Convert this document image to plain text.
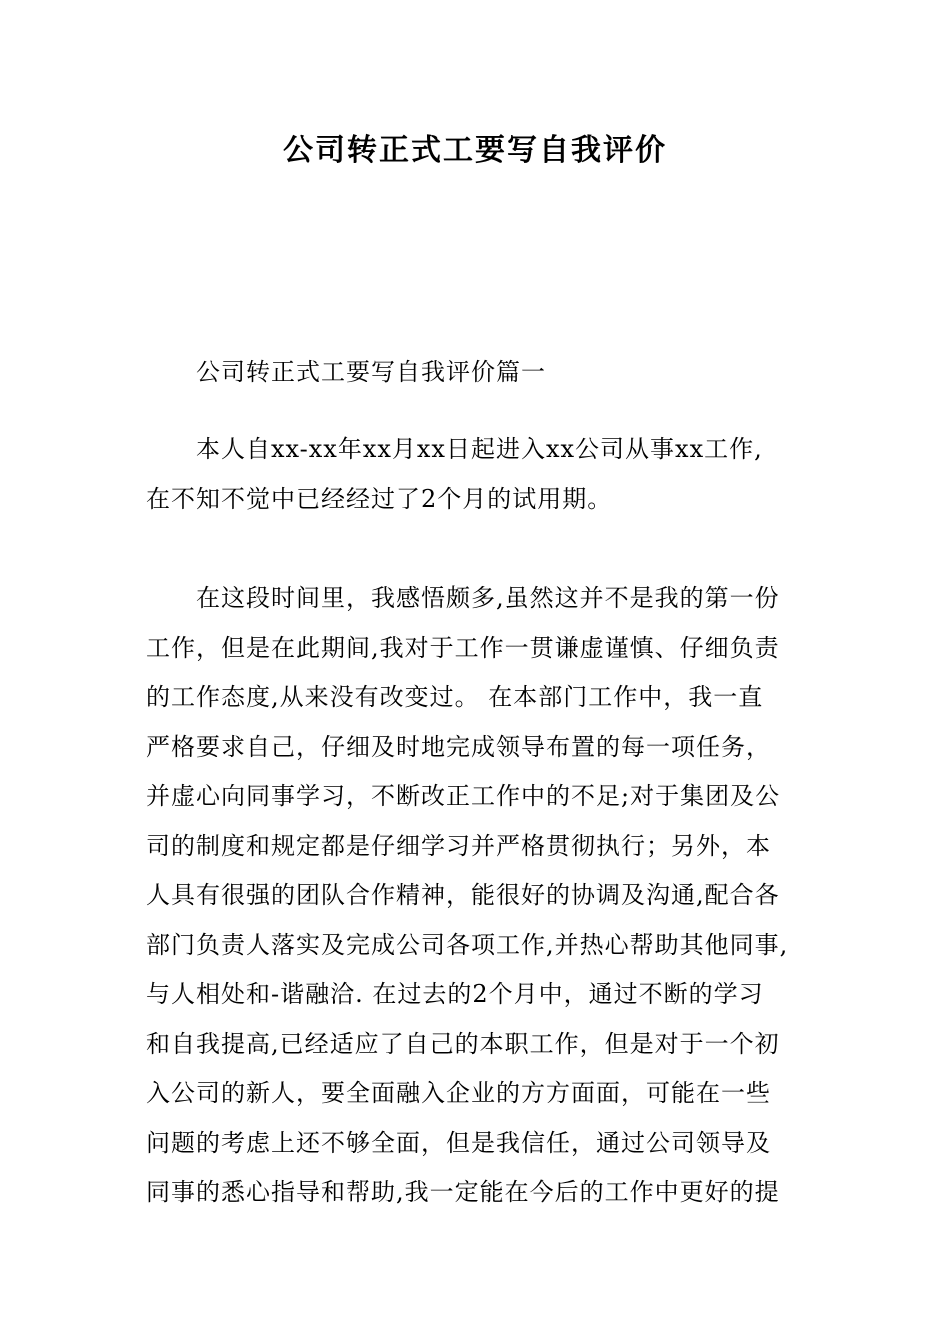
公司转正式工要写自我评价

公司转正式工要写自我评价篇一

本人自xx-xx年xx月xx日起进入xx公司从事xx工作,
在不知不觉中已经经过了2个月的试用期。

在这段时间里，我感悟颇多,虽然这并不是我的第一份
工作，但是在此期间,我对于工作一贯谦虚谨慎、仔细负责
的工作态度,从来没有改变过。 在本部门工作中，我一直
严格要求自己，仔细及时地完成领导布置的每一项任务，
并虚心向同事学习，不断改正工作中的不足;对于集团及公
司的制度和规定都是仔细学习并严格贯彻执行；另外，本
人具有很强的团队合作精神，能很好的协调及沟通,配合各
部门负责人落实及完成公司各项工作,并热心帮助其他同事,
与人相处和-谐融洽. 在过去的2个月中，通过不断的学习
和自我提高,已经适应了自己的本职工作，但是对于一个初
入公司的新人，要全面融入企业的方方面面，可能在一些
问题的考虑上还不够全面，但是我信任，通过公司领导及
同事的悉心指导和帮助,我一定能在今后的工作中更好的提
